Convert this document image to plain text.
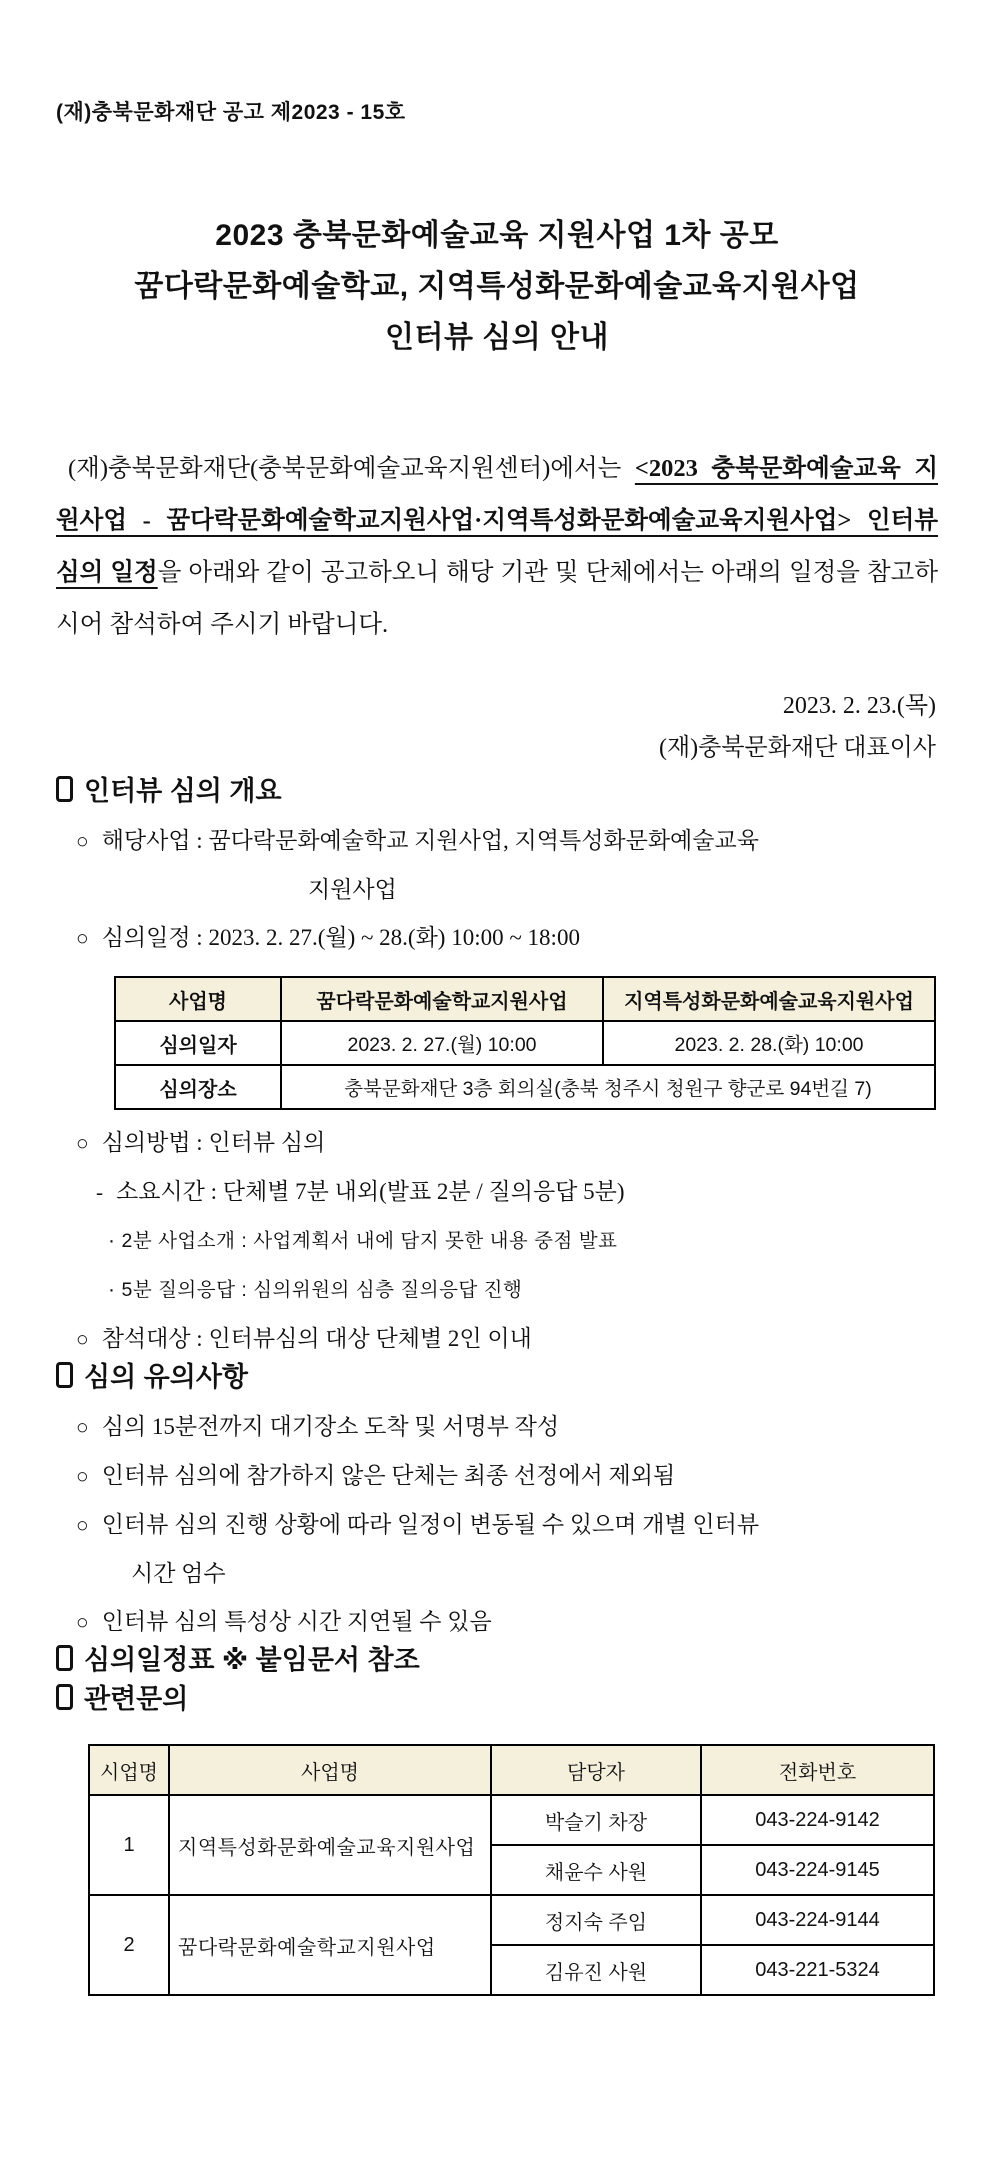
(재)충북문화재단 공고 제2023 - 15호
2023 충북문화예술교육 지원사업 1차 공모
꿈다락문화예술학교, 지역특성화문화예술교육지원사업
인터뷰 심의 안내

(재)충북문화재단(충북문화예술교육지원센터)에서는 <2023 충북문화예술교육 지원사업 - 꿈다락문화예술학교지원사업·지역특성화문화예술교육지원사업> 인터뷰 심의 일정을 아래와 같이 공고하오니 해당 기관 및 단체에서는 아래의 일정을 참고하시어 참석하여 주시기 바랍니다.

2023. 2. 23.(목)
(재)충북문화재단 대표이사
인터뷰 심의 개요
○ 해당사업 : 꿈다락문화예술학교 지원사업, 지역특성화문화예술교육
지원사업
○ 심의일정 : 2023. 2. 27.(월) ~ 28.(화) 10:00 ~ 18:00
사업명	꿈다락문화예술학교지원사업	지역특성화문화예술교육지원사업
심의일자	2023. 2. 27.(월) 10:00	2023. 2. 28.(화) 10:00
심의장소	충북문화재단 3층 회의실(충북 청주시 청원구 향군로 94번길 7)	
○ 심의방법 : 인터뷰 심의
- 소요시간 : 단체별 7분 내외(발표 2분 / 질의응답 5분)
· 2분 사업소개 : 사업계획서 내에 담지 못한 내용 중점 발표
· 5분 질의응답 : 심의위원의 심층 질의응답 진행
○ 참석대상 : 인터뷰심의 대상 단체별 2인 이내
심의 유의사항
○ 심의 15분전까지 대기장소 도착 및 서명부 작성
○ 인터뷰 심의에 참가하지 않은 단체는 최종 선정에서 제외됨
○ 인터뷰 심의 진행 상황에 따라 일정이 변동될 수 있으며 개별 인터뷰
시간 엄수
○ 인터뷰 심의 특성상 시간 지연될 수 있음
심의일정표 ※ 붙임문서 참조
관련문의
시업명	사업명	담당자	전화번호
1	지역특성화문화예술교육지원사업	박슬기 차장	043-224-9142
		채윤수 사원	043-224-9145
2	꿈다락문화예술학교지원사업	정지숙 주임	043-224-9144
		김유진 사원	043-221-5324
